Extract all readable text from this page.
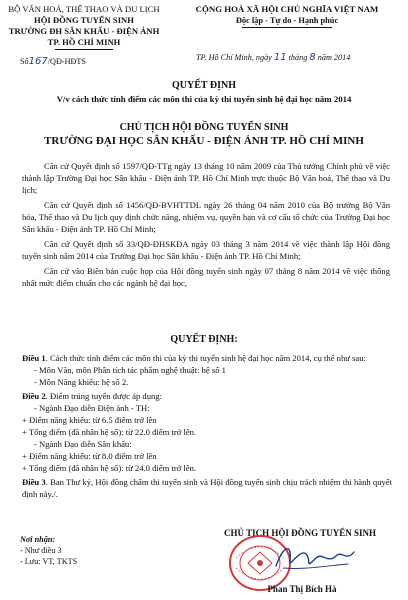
BỘ VĂN HOÁ, THỂ THAO VÀ DU LỊCH
HỘI ĐỒNG TUYỂN SINH
TRƯỜNG ĐH SÂN KHẤU - ĐIỆN ẢNH
TP. HỒ CHÍ MINH
Số167/QĐ-HĐTS
CỘNG HOÀ XÃ HỘI CHỦ NGHĨA VIỆT NAM
Độc lập - Tự do - Hạnh phúc
TP. Hồ Chí Minh, ngày 11 tháng 8 năm 2014
QUYẾT ĐỊNH
V/v cách thức tính điểm các môn thi của kỳ thi tuyển sinh hệ đại học năm 2014
CHỦ TỊCH HỘI ĐỒNG TUYỂN SINH
TRƯỜNG ĐẠI HỌC SÂN KHẤU - ĐIỆN ẢNH TP. HỒ CHÍ MINH

Căn cứ Quyết định số 1597/QĐ-TTg ngày 13 tháng 10 năm 2009 của Thủ tướng Chính phủ về việc thành lập Trường Đại học Sân khấu - Điện ảnh TP. Hồ Chí Minh trực thuộc Bộ Văn hoá, Thể thao và Du lịch;

Căn cứ Quyết định số 1456/QĐ-BVHTTDL ngày 26 tháng 04 năm 2010 của Bộ trưởng Bộ Văn hóa, Thể thao và Du lịch quy định chức năng, nhiệm vụ, quyền hạn và cơ cấu tổ chức của Trường Đại học Sân khấu - Điện ảnh TP. Hồ Chí Minh;

Căn cứ Quyết định số 33/QĐ-ĐHSKĐA ngày 03 tháng 3 năm 2014 về việc thành lập Hội đồng tuyển sinh năm 2014 của Trường Đại học Sân khấu - Điện ảnh TP. Hồ Chí Minh;

Căn cứ vào Biên bản cuộc họp của Hội đồng tuyển sinh ngày 07 tháng 8 năm 2014 về việc thống nhất mức điểm chuẩn cho các ngành hệ đại học,

QUYẾT ĐỊNH:

Điều 1. Cách thức tính điểm các môn thi của kỳ thi tuyển sinh hệ đại học năm 2014, cụ thể như sau:

- Môn Văn, môn Phân tích tác phẩm nghệ thuật: hệ số 1

- Môn Năng khiếu: hệ số 2.

Điều 2. Điểm trúng tuyển được áp dụng:

- Ngành Đạo diễn Điện ảnh - TH:

+ Điểm năng khiếu: từ 6.5 điểm trở lên

+ Tổng điểm (đã nhân hệ số): từ 22.0 điểm trở lên.

- Ngành Đạo diễn Sân khấu:

+ Điểm năng khiếu: từ 8.0 điểm trở lên

+ Tổng điểm (đã nhân hệ số): từ 24.0 điểm trở lên.

Điều 3. Ban Thư ký, Hội đồng chấm thi tuyển sinh và Hội đồng tuyển sinh chịu trách nhiệm thi hành quyết định này./.

Nơi nhận:
- Như điều 3
- Lưu: VT, TKTS
CHỦ TỊCH HỘI ĐỒNG TUYỂN SINH
Phan Thị Bích Hà
